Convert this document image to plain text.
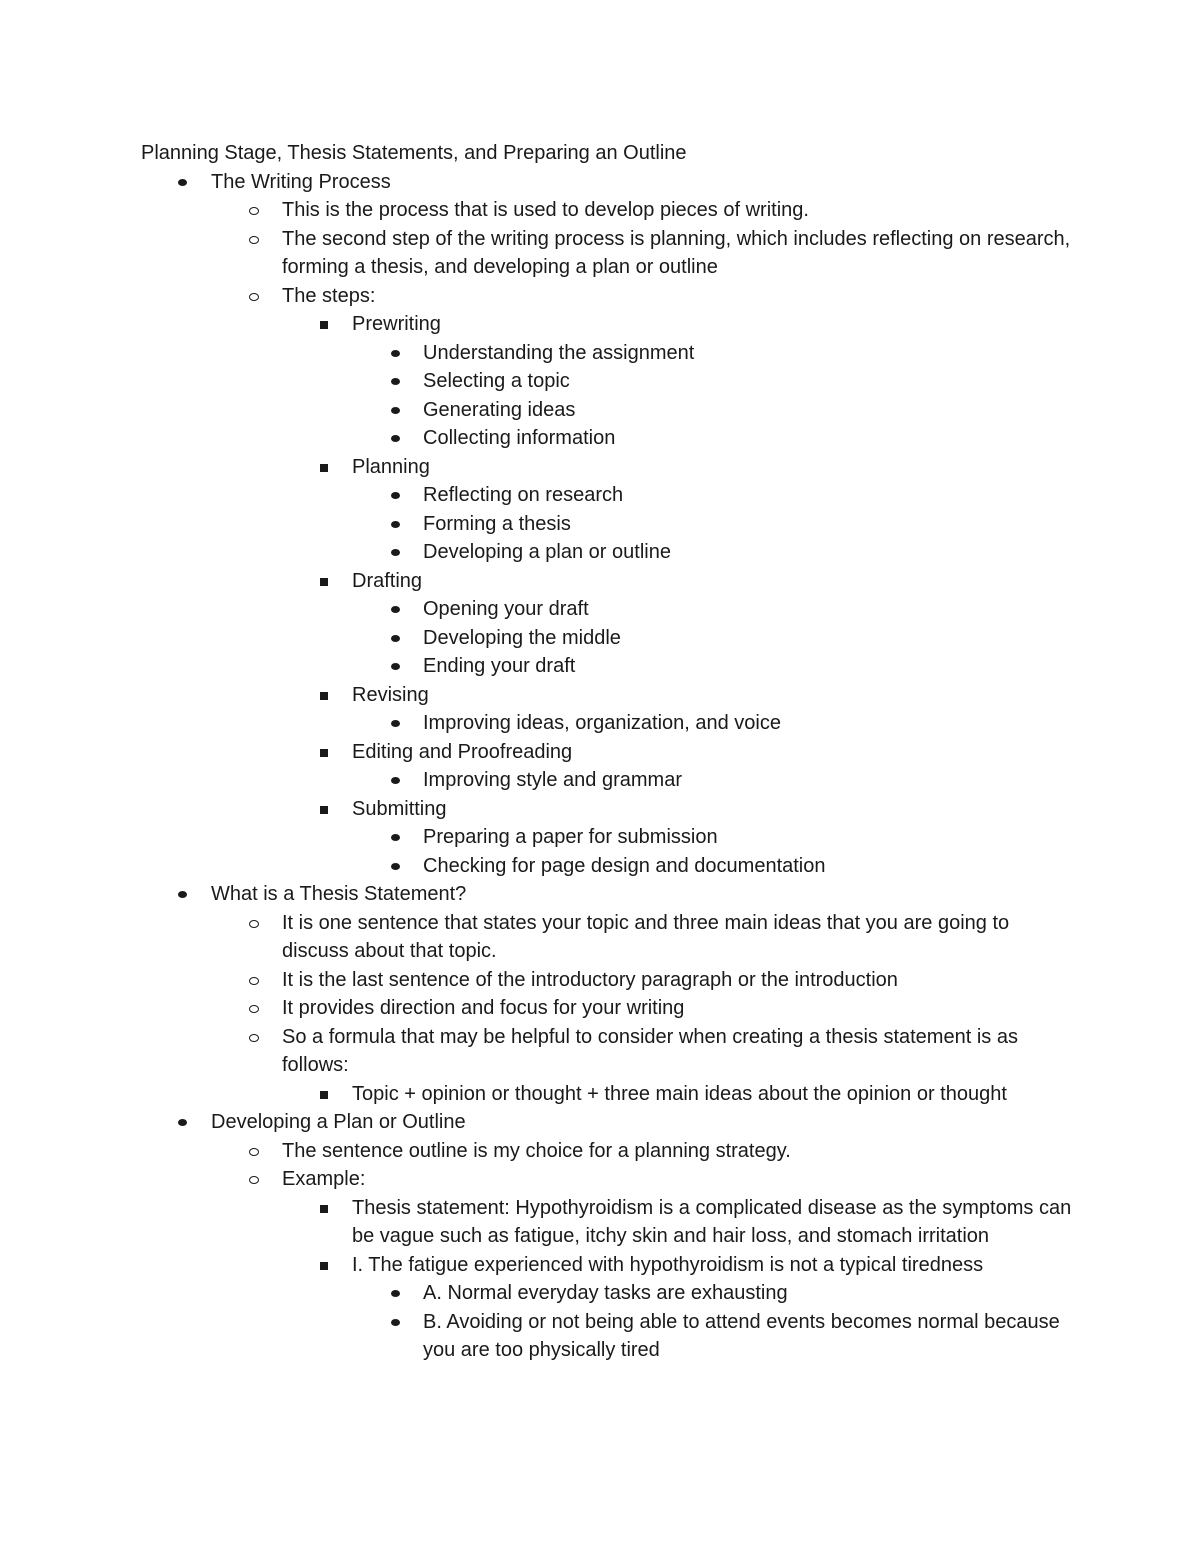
Planning Stage, Thesis Statements, and Preparing an Outline
The Writing Process
This is the process that is used to develop pieces of writing.
The second step of the writing process is planning, which includes reflecting on research, forming a thesis, and developing a plan or outline
The steps:
Prewriting
Understanding the assignment
Selecting a topic
Generating ideas
Collecting information
Planning
Reflecting on research
Forming a thesis
Developing a plan or outline
Drafting
Opening your draft
Developing the middle
Ending your draft
Revising
Improving ideas, organization, and voice
Editing and Proofreading
Improving style and grammar
Submitting
Preparing a paper for submission
Checking for page design and documentation
What is a Thesis Statement?
It is one sentence that states your topic and three main ideas that you are going to discuss about that topic.
It is the last sentence of the introductory paragraph or the introduction
It provides direction and focus for your writing
So a formula that may be helpful to consider when creating a thesis statement is as follows:
Topic + opinion or thought + three main ideas about the opinion or thought
Developing a Plan or Outline
The sentence outline is my choice for a planning strategy.
Example:
Thesis statement: Hypothyroidism is a complicated disease as the symptoms can be vague such as fatigue, itchy skin and hair loss, and stomach irritation
I. The fatigue experienced with hypothyroidism is not a typical tiredness
A. Normal everyday tasks are exhausting
B. Avoiding or not being able to attend events becomes normal because you are too physically tired
